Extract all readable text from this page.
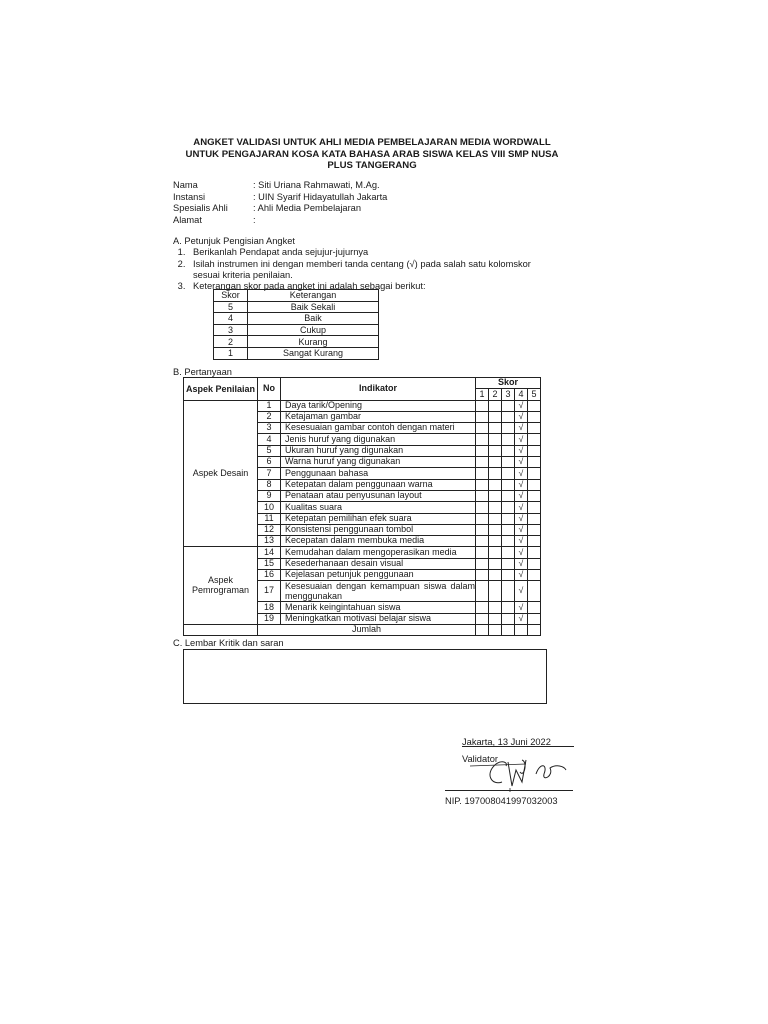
ANGKET VALIDASI UNTUK AHLI MEDIA PEMBELAJARAN MEDIA WORDWALL
UNTUK PENGAJARAN KOSA KATA BAHASA ARAB SISWA KELAS VIII SMP NUSA
PLUS TANGERANG
Nama	: Siti Uriana Rahmawati, M.Ag.
Instansi	: UIN Syarif Hidayatullah Jakarta
Spesialis Ahli	: Ahli Media Pembelajaran
Alamat	:
A. Petunjuk Pengisian Angket
1. Berikanlah Pendapat anda sejujur-jujurnya
2. Isilah instrumen ini dengan memberi tanda centang (√) pada salah satu kolomskor sesuai kriteria penilaian.
3. Keterangan skor pada angket ini adalah sebagai berikut:
Skor	Keterangan
5	Baik Sekali
4	Baik
3	Cukup
2	Kurang
1	Sangat Kurang
B. Pertanyaan
Aspek Penilaian	No	Indikator	Skor				
			1	2	3	4	5
Aspek Desain	1	Daya tarik/Opening				√	
	2	Ketajaman gambar				√	
	3	Kesesuaian gambar contoh dengan materi				√	
	4	Jenis huruf yang digunakan				√	
	5	Ukuran huruf yang digunakan				√	
	6	Warna huruf yang digunakan				√	
	7	Penggunaan bahasa				√	
	8	Ketepatan dalam penggunaan warna				√	
	9	Penataan atau penyusunan layout				√	
	10	Kualitas suara				√	
	11	Ketepatan pemilihan efek suara				√	
	12	Konsistensi penggunaan tombol				√	
	13	Kecepatan dalam membuka media				√	
Aspek Pemrograman	14	Kemudahan dalam mengoperasikan media				√	
	15	Kesederhanaan desain visual				√	
	16	Kejelasan petunjuk penggunaan				√	
	17	Kesesuaian dengan kemampuan siswa dalam menggunakan				√	
	18	Menarik keingintahuan siswa				√	
	19	Meningkatkan motivasi belajar siswa				√	
	Jumlah						
C. Lembar Kritik dan saran
Jakarta, 13 Juni 2022
Validator
NIP. 197008041997032003
